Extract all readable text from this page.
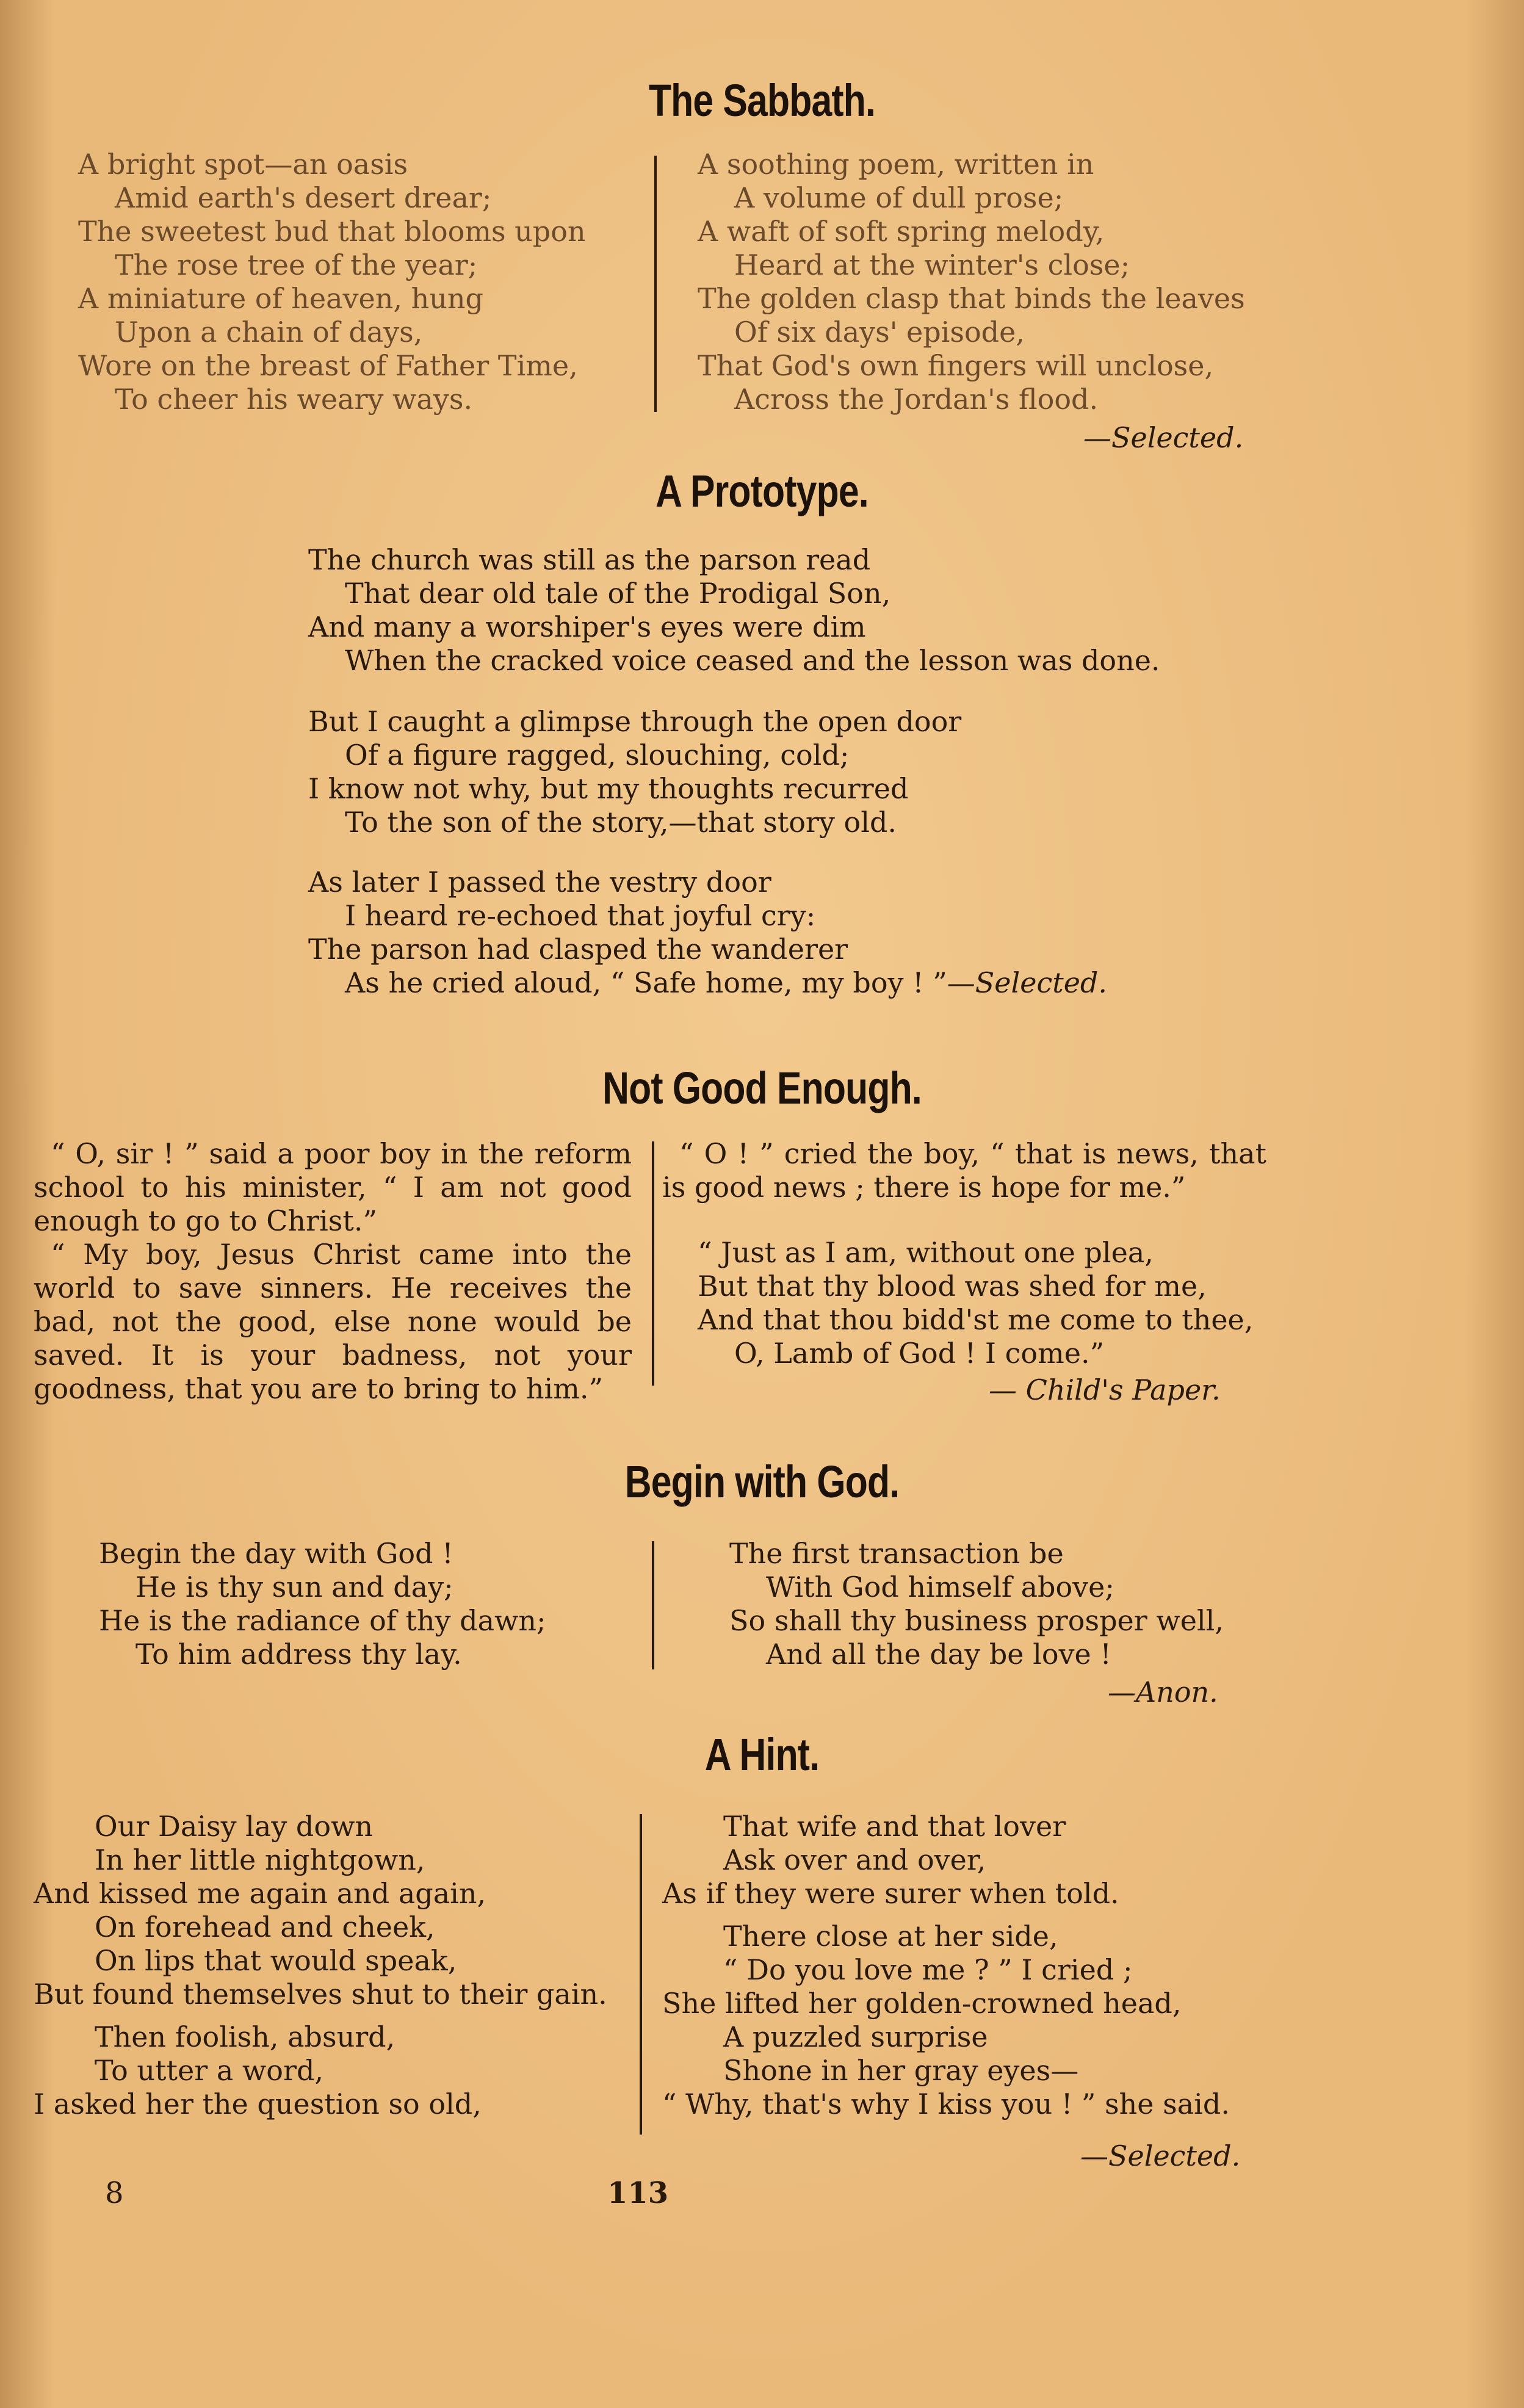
The Sabbath.
A bright spot—an oasis
Amid earth's desert drear;
The sweetest bud that blooms upon
The rose tree of the year;
A miniature of heaven, hung
Upon a chain of days,
Wore on the breast of Father Time,
To cheer his weary ways.
A soothing poem, written in
A volume of dull prose;
A waft of soft spring melody,
Heard at the winter's close;
The golden clasp that binds the leaves
Of six days' episode,
That God's own fingers will unclose,
Across the Jordan's flood.
—Selected.
A Prototype.
The church was still as the parson read
That dear old tale of the Prodigal Son,
And many a worshiper's eyes were dim
When the cracked voice ceased and the lesson was done.
But I caught a glimpse through the open door
Of a figure ragged, slouching, cold;
I know not why, but my thoughts recurred
To the son of the story,—that story old.
As later I passed the vestry door
I heard re-echoed that joyful cry:
The parson had clasped the wanderer
As he cried aloud, “ Safe home, my boy ! ”—Selected.
Not Good Enough.

“ O, sir ! ” said a poor boy in the reform school to his minister, “ I am not good enough to go to Christ.”

“ My boy, Jesus Christ came into the world to save sinners. He receives the bad, not the good, else none would be saved. It is your badness, not your goodness, that you are to bring to him.”

“ O ! ” cried the boy, “ that is news, that is good news ; there is hope for me.”

“ Just as I am, without one plea,
But that thy blood was shed for me,
And that thou bidd'st me come to thee,
O, Lamb of God ! I come.”
— Child's Paper.
Begin with God.
Begin the day with God !
He is thy sun and day;
He is the radiance of thy dawn;
To him address thy lay.
The first transaction be
With God himself above;
So shall thy business prosper well,
And all the day be love !
—Anon.
A Hint.
Our Daisy lay down
In her little nightgown,
And kissed me again and again,
On forehead and cheek,
On lips that would speak,
But found themselves shut to their gain.
Then foolish, absurd,
To utter a word,
I asked her the question so old,
That wife and that lover
Ask over and over,
As if they were surer when told.
There close at her side,
“ Do you love me ? ” I cried ;
She lifted her golden-crowned head,
A puzzled surprise
Shone in her gray eyes—
“ Why, that's why I kiss you ! ” she said.
—Selected.
8	113
